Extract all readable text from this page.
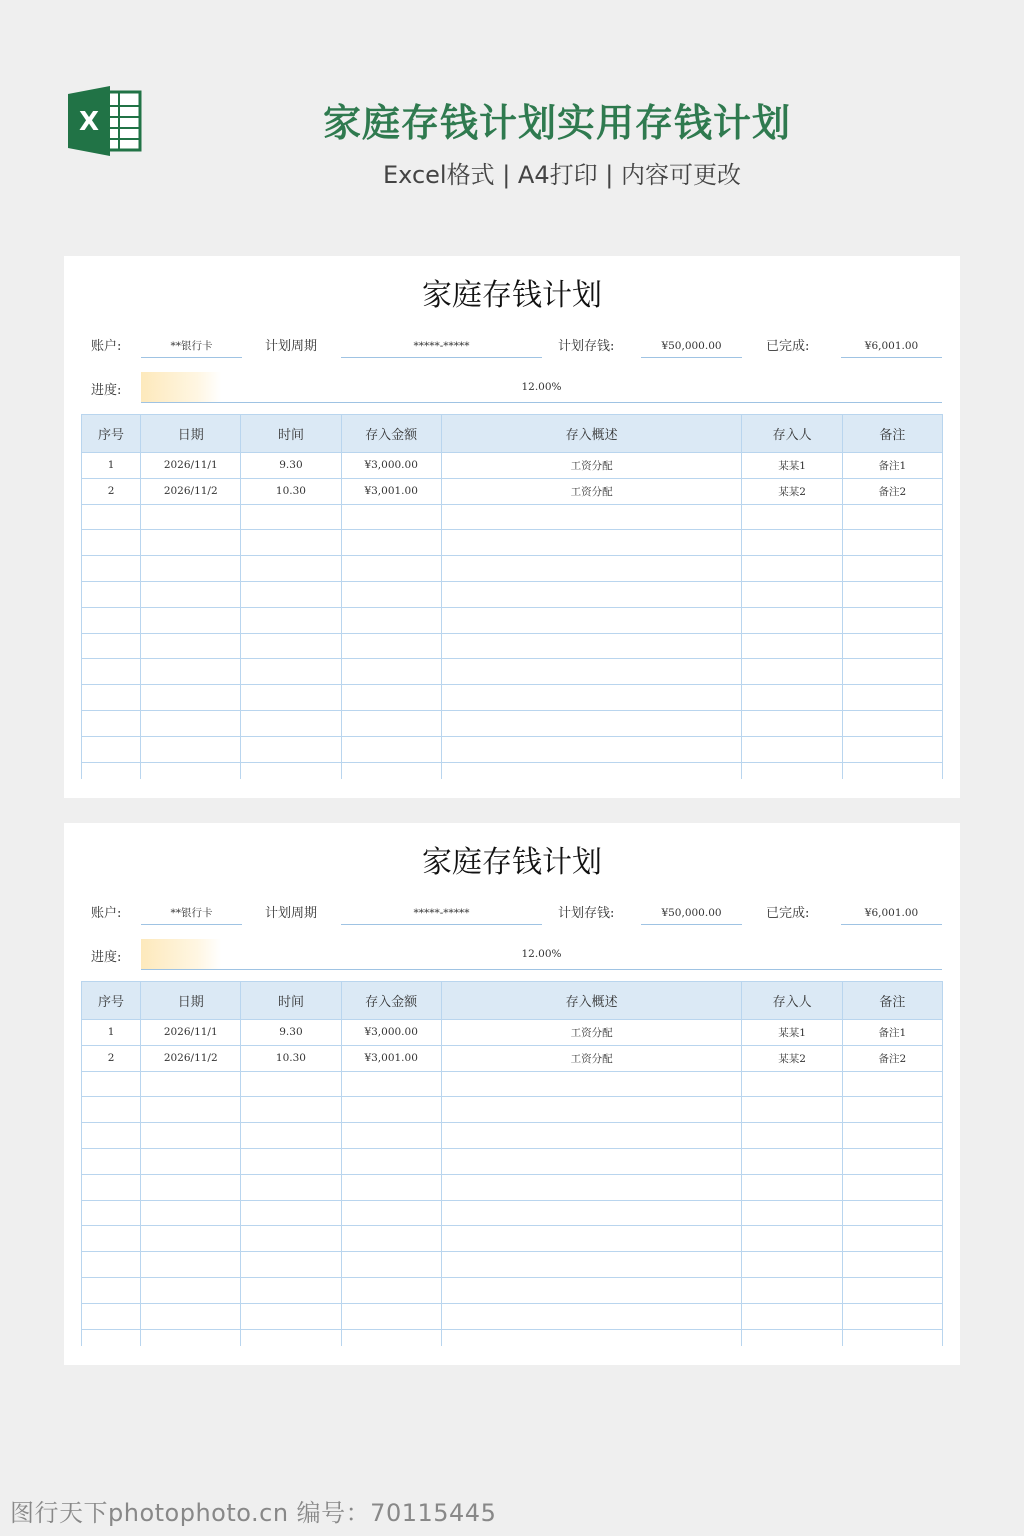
X	家庭存钱计划实用存钱计划
Excel格式 | A4打印 | 内容可更改
家庭存钱计划
账户:	**银行卡	计划周期	*****-*****	计划存钱:	¥50,000.00	已完成:	¥6,001.00
进度:	12.00%
序号	日期	时间	存入金额	存入概述	存入人	备注
1	2026/11/1	9.30	¥3,000.00	工资分配	某某1	备注1
2	2026/11/2	10.30	¥3,001.00	工资分配	某某2	备注2

家庭存钱计划
账户:	**银行卡	计划周期	*****-*****	计划存钱:	¥50,000.00	已完成:	¥6,001.00
进度:	12.00%
序号	日期	时间	存入金额	存入概述	存入人	备注
1	2026/11/1	9.30	¥3,000.00	工资分配	某某1	备注1
2	2026/11/2	10.30	¥3,001.00	工资分配	某某2	备注2

图行天下photophoto.cn 编号：70115445
